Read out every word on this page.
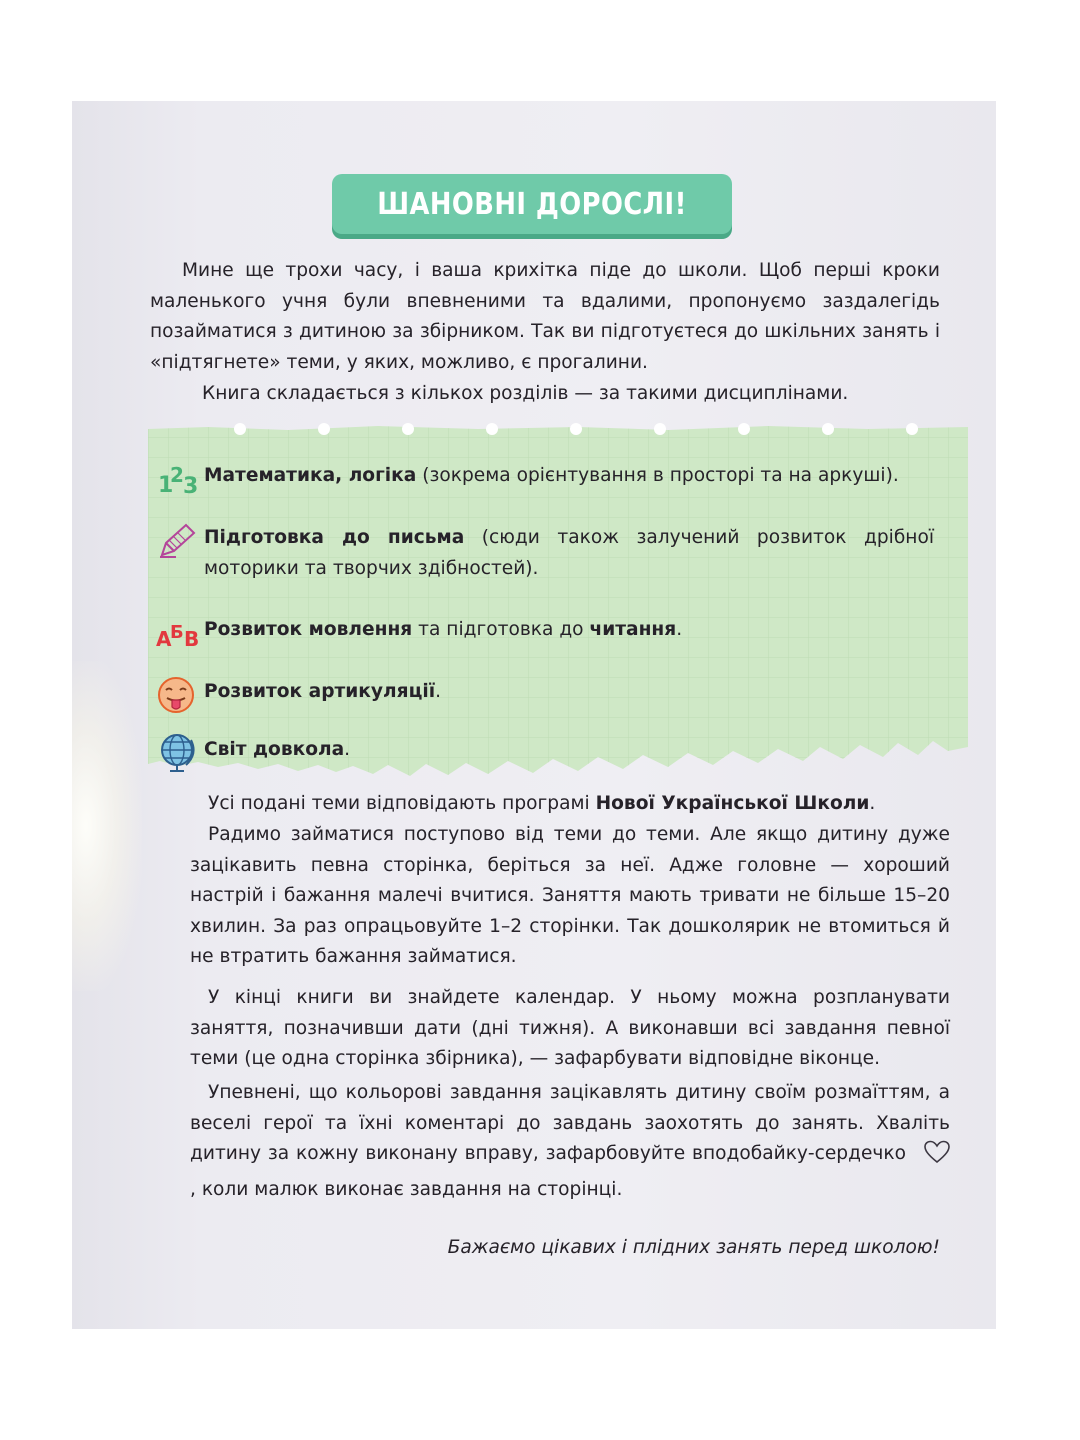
ШАНОВНІ ДОРОСЛІ!

Мине ще трохи часу, і ваша крихітка піде до школи. Щоб перші кроки маленького учня були впевненими та вдалими, пропонуємо заздалегідь позайматися з дитиною за збірником. Так ви підготуєтеся до шкільних занять і «підтягнете» теми, у яких, можливо, є прогалини.

Книга складається з кількох розділів — за такими дисциплінами.

1
2 3 Математика, логіка (зокрема орієнтування в просторі та на аркуші).
Підготовка до письма (сюди також залучений розвиток дрібної моторики та творчих здібностей).
А
Б В Розвиток мовлення та підготовка до читання.
Розвиток артикуляції.
Світ довкола.

Усі подані теми відповідають програмі Нової Української Школи.

Радимо займатися поступово від теми до теми. Але якщо дитину дуже зацікавить певна сторінка, беріться за неї. Адже головне — хороший настрій і бажання малечі вчитися. Заняття мають тривати не більше 15–20 хвилин. За раз опрацьовуйте 1–2 сторінки. Так дошколярик не втомиться й не втратить бажання займатися.

У кінці книги ви знайдете календар. У ньому можна розпланувати заняття, позначивши дати (дні тижня). А виконавши всі завдання певної теми (це одна сторінка збірника), — зафарбувати відповідне віконце.

Упевнені, що кольорові завдання зацікавлять дитину своїм розмаїттям, а веселі герої та їхні коментарі до завдань заохотять до занять. Хваліть дитину за кожну виконану вправу, зафарбовуйте вподобайку-сердечко, коли малюк виконає завдання на сторінці.

Бажаємо цікавих і плідних занять перед школою!
